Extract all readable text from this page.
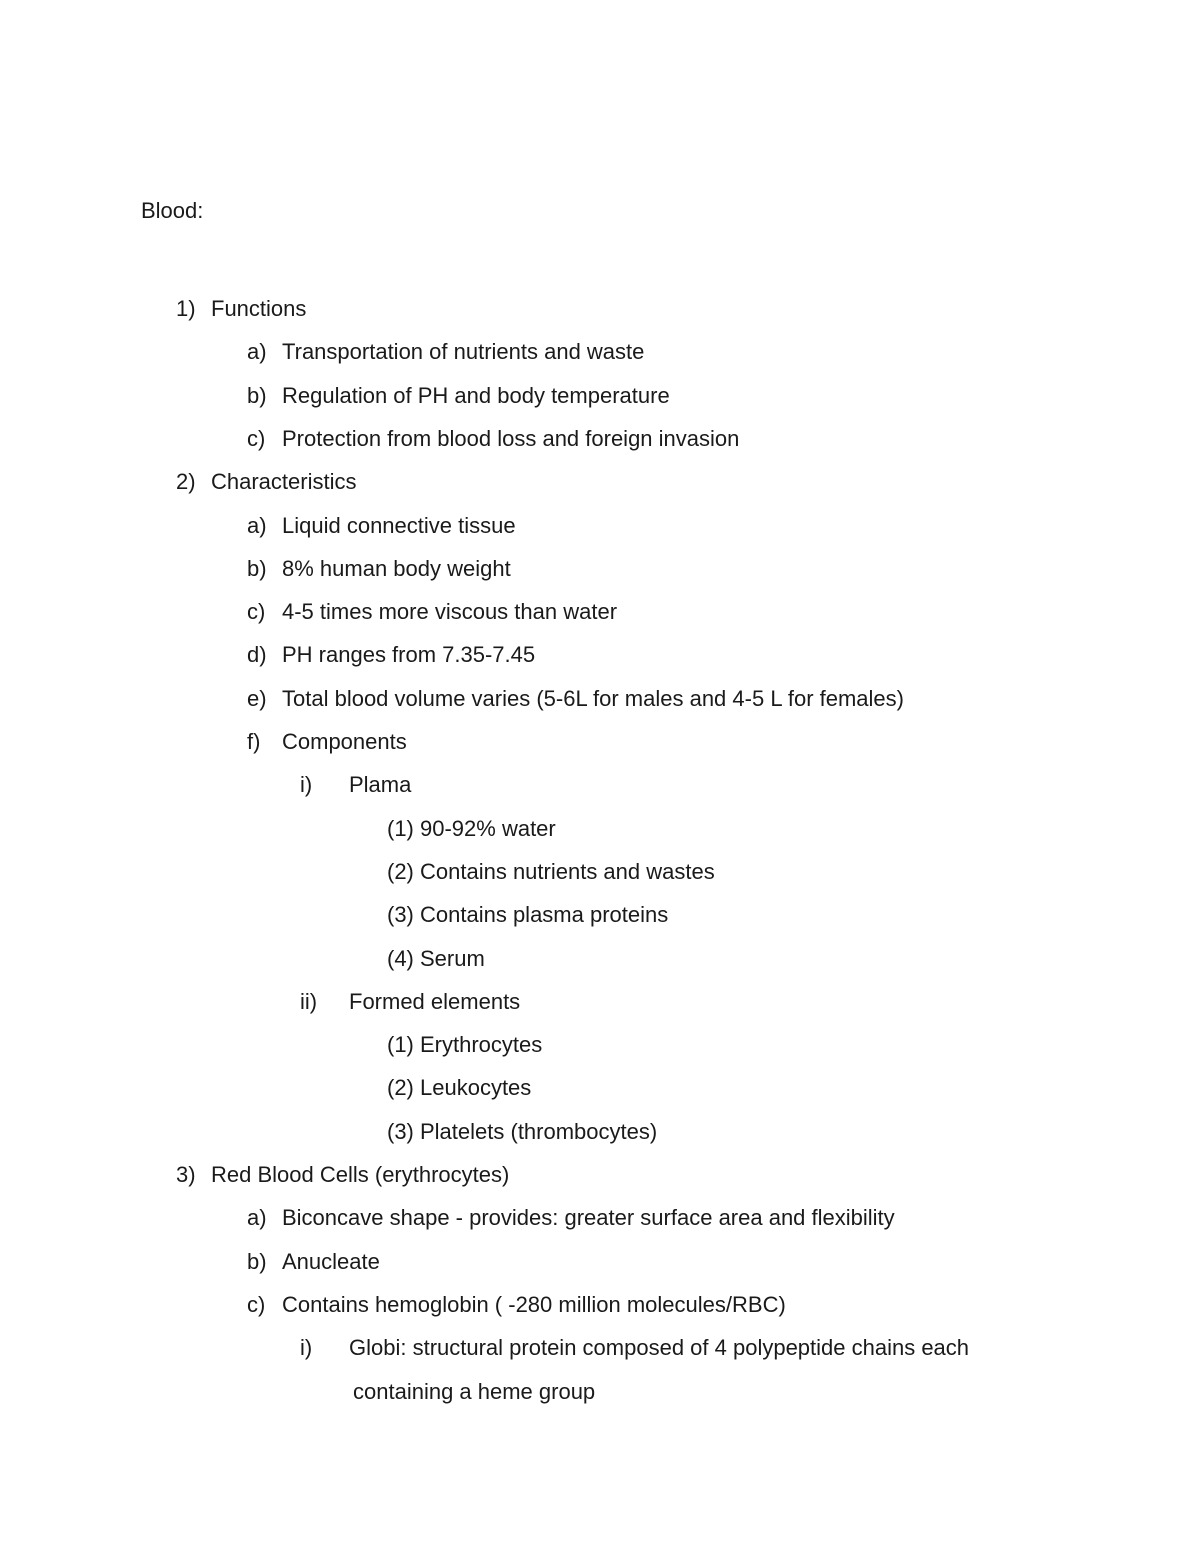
Blood:
1) Functions
a) Transportation of nutrients and waste
b) Regulation of PH and body temperature
c) Protection from blood loss and foreign invasion
2) Characteristics
a) Liquid connective tissue
b) 8% human body weight
c) 4-5 times more viscous than water
d) PH ranges from 7.35-7.45
e) Total blood volume varies (5-6L for males and 4-5 L for females)
f) Components
i) Plama
(1) 90-92% water
(2) Contains nutrients and wastes
(3) Contains plasma proteins
(4) Serum
ii) Formed elements
(1) Erythrocytes
(2) Leukocytes
(3) Platelets (thrombocytes)
3) Red Blood Cells (erythrocytes)
a) Biconcave shape - provides: greater surface area and flexibility
b) Anucleate
c) Contains hemoglobin ( -280 million molecules/RBC)
i) Globi: structural protein composed of 4 polypeptide chains each
containing a heme group
